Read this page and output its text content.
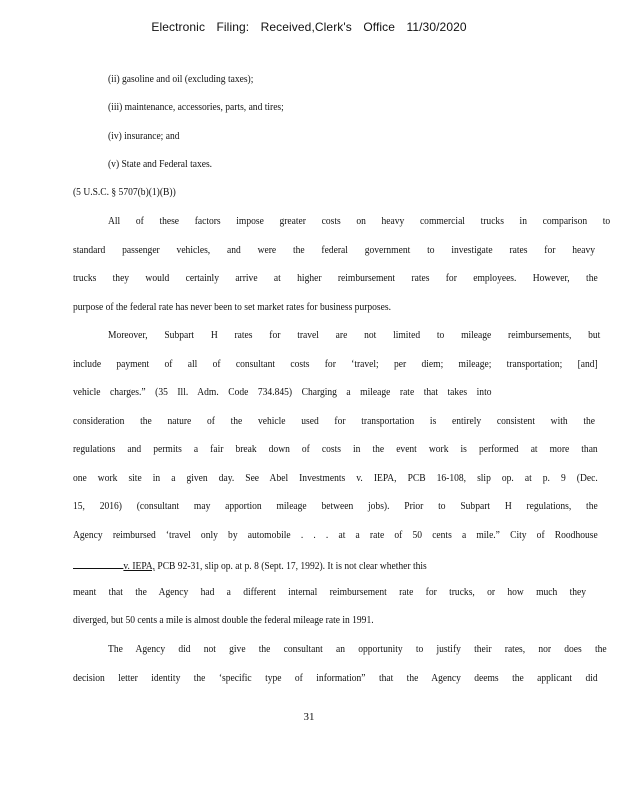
Electronic Filing: Received,Clerk's Office 11/30/2020
(ii) gasoline and oil (excluding taxes);
(iii) maintenance, accessories, parts, and tires;
(iv) insurance; and
(v) State and Federal taxes.
(5 U.S.C. § 5707(b)(1)(B))
All of these factors impose greater costs on heavy commercial trucks in comparison to
standard passenger vehicles, and were the federal government to investigate rates for heavy
trucks they would certainly arrive at higher reimbursement rates for employees. However, the
purpose of the federal rate has never been to set market rates for business purposes.
Moreover, Subpart H rates for travel are not limited to mileage reimbursements, but
include payment of all of consultant costs for ‘travel; per diem; mileage; transportation; [and]
vehicle charges.” (35 Ill. Adm. Code 734.845) Charging a mileage rate that takes into
consideration the nature of the vehicle used for transportation is entirely consistent with the
regulations and permits a fair break down of costs in the event work is performed at more than
one work site in a given day. See Abel Investments v. IEPA, PCB 16-108, slip op. at p. 9 (Dec.
15, 2016) (consultant may apportion mileage between jobs). Prior to Subpart H regulations, the
Agency reimbursed ‘travel only by automobile . . . at a rate of 50 cents a mile.” City of Roodhouse
v. IEPA, PCB 92-31, slip op. at p. 8 (Sept. 17, 1992). It is not clear whether this
meant that the Agency had a different internal reimbursement rate for trucks, or how much they
diverged, but 50 cents a mile is almost double the federal mileage rate in 1991.
The Agency did not give the consultant an opportunity to justify their rates, nor does the
decision letter identity the ‘specific type of information” that the Agency deems the applicant did
31
